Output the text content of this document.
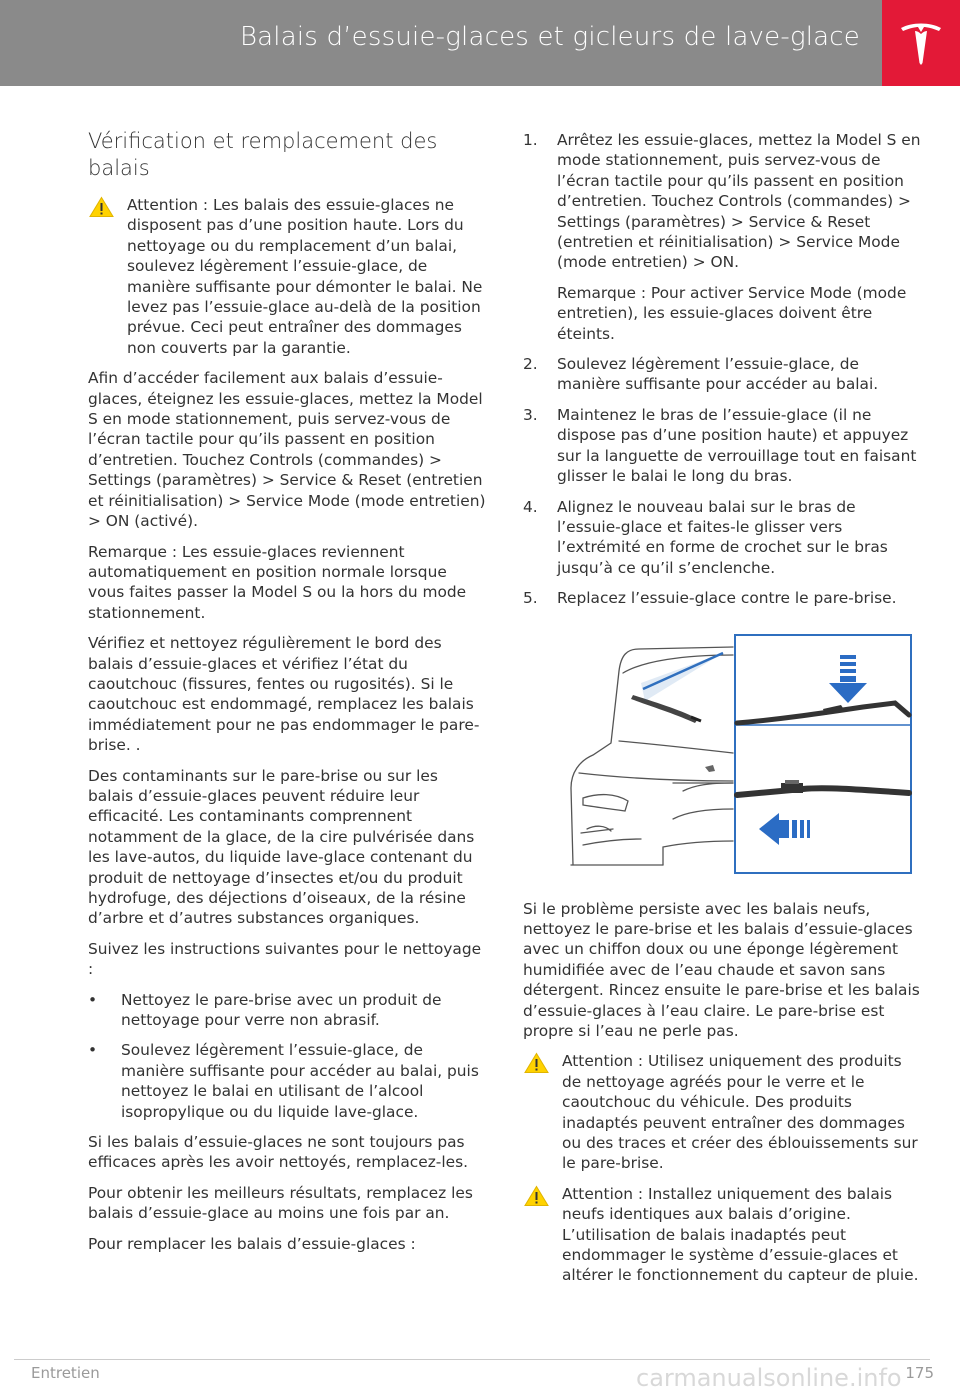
Balais d’essuie-glaces et gicleurs de lave-glace
Vérification et remplacement des balais
Attention : Les balais des essuie-glaces ne disposent pas d’une position haute. Lors du nettoyage ou du remplacement d’un balai, soulevez légèrement l’essuie-glace, de manière suffisante pour démonter le balai. Ne levez pas l’essuie-glace au-delà de la position prévue. Ceci peut entraîner des dommages non couverts par la garantie.

Afin d’accéder facilement aux balais d’essuie-glaces, éteignez les essuie-glaces, mettez la Model S en mode stationnement, puis servez-vous de l’écran tactile pour qu’ils passent en position d’entretien. Touchez Controls (commandes) > Settings (paramètres) > Service & Reset (entretien et réinitialisation) > Service Mode (mode entretien) > ON (activé).

Remarque : Les essuie-glaces reviennent automatiquement en position normale lorsque vous faites passer la Model S ou la hors du mode stationnement.

Vérifiez et nettoyez régulièrement le bord des balais d’essuie-glaces et vérifiez l’état du caoutchouc (fissures, fentes ou rugosités). Si le caoutchouc est endommagé, remplacez les balais immédiatement pour ne pas endommager le pare-brise. .

Des contaminants sur le pare-brise ou sur les balais d’essuie-glaces peuvent réduire leur efficacité. Les contaminants comprennent notamment de la glace, de la cire pulvérisée dans les lave-autos, du liquide lave-glace contenant du produit de nettoyage d’insectes et/ou du produit hydrofuge, des déjections d’oiseaux, de la résine d’arbre et d’autres substances organiques.

Suivez les instructions suivantes pour le nettoyage :

• Nettoyez le pare-brise avec un produit de nettoyage pour verre non abrasif.
• Soulevez légèrement l’essuie-glace, de manière suffisante pour accéder au balai, puis nettoyez le balai en utilisant de l’alcool isopropylique ou du liquide lave-glace.

Si les balais d’essuie-glaces ne sont toujours pas efficaces après les avoir nettoyés, remplacez-les.

Pour obtenir les meilleurs résultats, remplacez les balais d’essuie-glace au moins une fois par an.

Pour remplacer les balais d’essuie-glaces :

1. Arrêtez les essuie-glaces, mettez la Model S en mode stationnement, puis servez-vous de l’écran tactile pour qu’ils passent en position d’entretien. Touchez Controls (commandes) > Settings (paramètres) > Service & Reset (entretien et réinitialisation) > Service Mode (mode entretien) > ON.
Remarque : Pour activer Service Mode (mode entretien), les essuie-glaces doivent être éteints.
2. Soulevez légèrement l’essuie-glace, de manière suffisante pour accéder au balai.
3. Maintenez le bras de l’essuie-glace (il ne dispose pas d’une position haute) et appuyez sur la languette de verrouillage tout en faisant glisser le balai le long du bras.
4. Alignez le nouveau balai sur le bras de l’essuie-glace et faites-le glisser vers l’extrémité en forme de crochet sur le bras jusqu’à ce qu’il s’enclenche.
5. Replacez l’essuie-glace contre le pare-brise.

Si le problème persiste avec les balais neufs, nettoyez le pare-brise et les balais d’essuie-glaces avec un chiffon doux ou une éponge légèrement humidifiée avec de l’eau chaude et savon sans détergent. Rincez ensuite le pare-brise et les balais d’essuie-glaces à l’eau claire. Le pare-brise est propre si l’eau ne perle pas.

Attention : Utilisez uniquement des produits de nettoyage agréés pour le verre et le caoutchouc du véhicule. Des produits inadaptés peuvent entraîner des dommages ou des traces et créer des éblouissements sur le pare-brise.
Attention : Installez uniquement des balais neufs identiques aux balais d’origine. L’utilisation de balais inadaptés peut endommager le système d’essuie-glaces et altérer le fonctionnement du capteur de pluie.
Entretien	carmanualsonline.info 175
